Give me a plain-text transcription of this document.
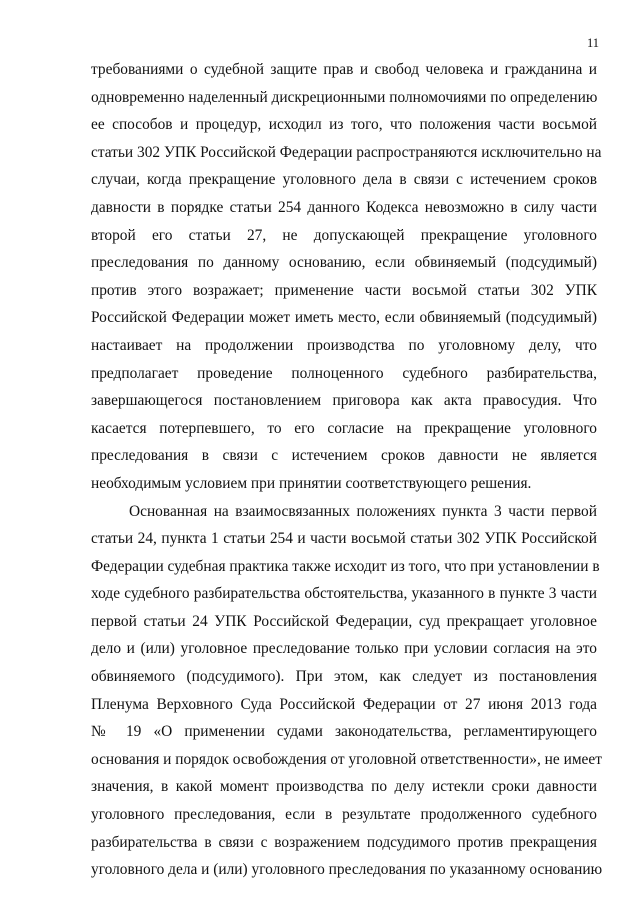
11
требованиями о судебной защите прав и свобод человека и гражданина и
одновременно наделенный дискреционными полномочиями по определению
ее способов и процедур, исходил из того, что положения части восьмой
статьи 302 УПК Российской Федерации распространяются исключительно на
случаи, когда прекращение уголовного дела в связи с истечением сроков
давности в порядке статьи 254 данного Кодекса невозможно в силу части
второй его статьи 27, не допускающей прекращение уголовного
преследования по данному основанию, если обвиняемый (подсудимый)
против этого возражает; применение части восьмой статьи 302 УПК
Российской Федерации может иметь место, если обвиняемый (подсудимый)
настаивает на продолжении производства по уголовному делу, что
предполагает проведение полноценного судебного разбирательства,
завершающегося постановлением приговора как акта правосудия. Что
касается потерпевшего, то его согласие на прекращение уголовного
преследования в связи с истечением сроков давности не является
необходимым условием при принятии соответствующего решения.
Основанная на взаимосвязанных положениях пункта 3 части первой
статьи 24, пункта 1 статьи 254 и части восьмой статьи 302 УПК Российской
Федерации судебная практика также исходит из того, что при установлении в
ходе судебного разбирательства обстоятельства, указанного в пункте 3 части
первой статьи 24 УПК Российской Федерации, суд прекращает уголовное
дело и (или) уголовное преследование только при условии согласия на это
обвиняемого (подсудимого). При этом, как следует из постановления
Пленума Верховного Суда Российской Федерации от 27 июня 2013 года
№ 19 «О применении судами законодательства, регламентирующего
основания и порядок освобождения от уголовной ответственности», не имеет
значения, в какой момент производства по делу истекли сроки давности
уголовного преследования, если в результате продолженного судебного
разбирательства в связи с возражением подсудимого против прекращения
уголовного дела и (или) уголовного преследования по указанному основанию
